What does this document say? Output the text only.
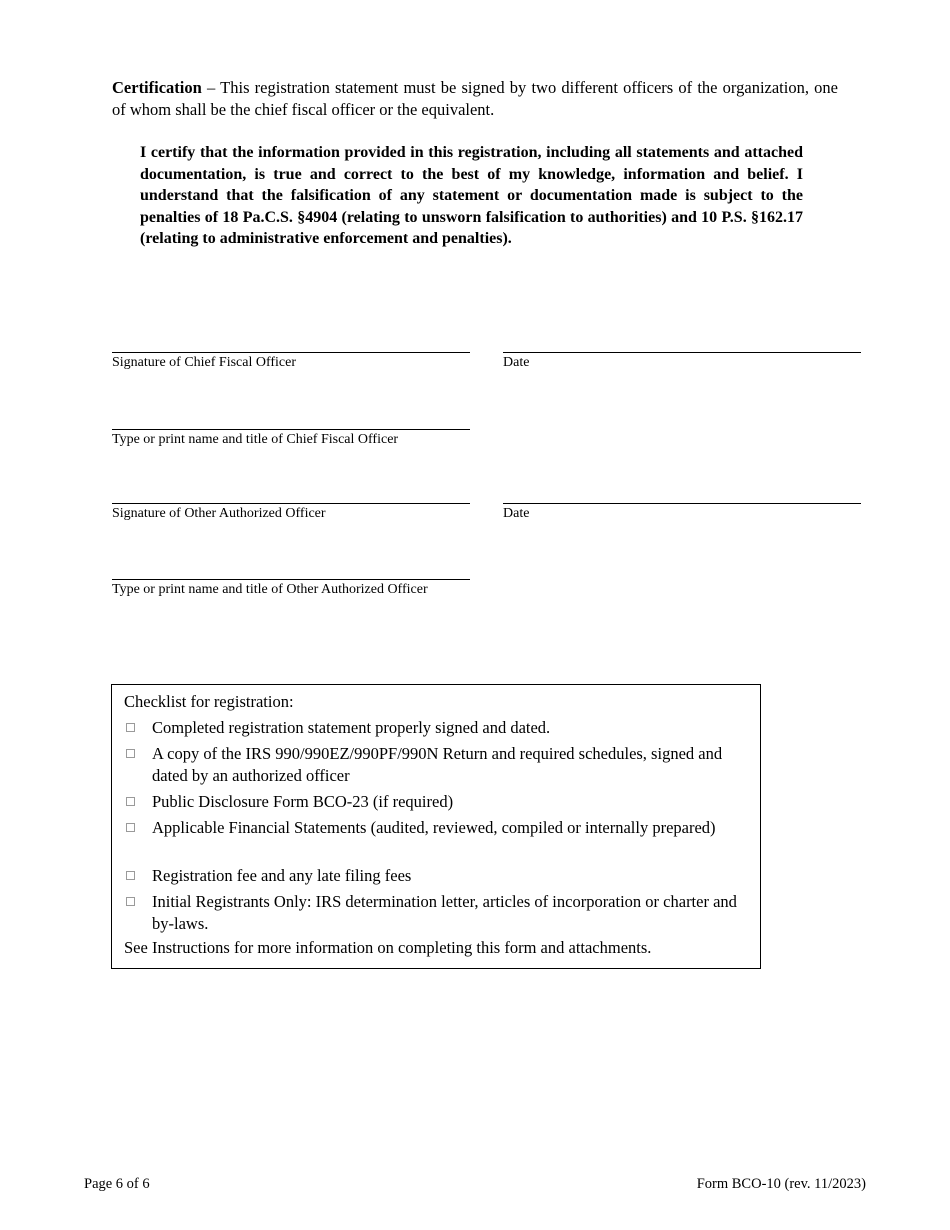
Certification – This registration statement must be signed by two different officers of the organization, one of whom shall be the chief fiscal officer or the equivalent.

I certify that the information provided in this registration, including all statements and attached documentation, is true and correct to the best of my knowledge, information and belief. I understand that the falsification of any statement or documentation made is subject to the penalties of 18 Pa.C.S. §4904 (relating to unsworn falsification to authorities) and 10 P.S. §162.17 (relating to administrative enforcement and penalties).

Signature of Chief Fiscal Officer	Date
Type or print name and title of Chief Fiscal Officer
Signature of Other Authorized Officer	Date
Type or print name and title of Other Authorized Officer
Checklist for registration:
Completed registration statement properly signed and dated.
A copy of the IRS 990/990EZ/990PF/990N Return and required schedules, signed and dated by an authorized officer
Public Disclosure Form BCO-23 (if required)
Applicable Financial Statements (audited, reviewed, compiled or internally prepared)
Registration fee and any late filing fees
Initial Registrants Only: IRS determination letter, articles of incorporation or charter and by-laws.
See Instructions for more information on completing this form and attachments.
Page 6 of 6	Form BCO-10 (rev. 11/2023)
